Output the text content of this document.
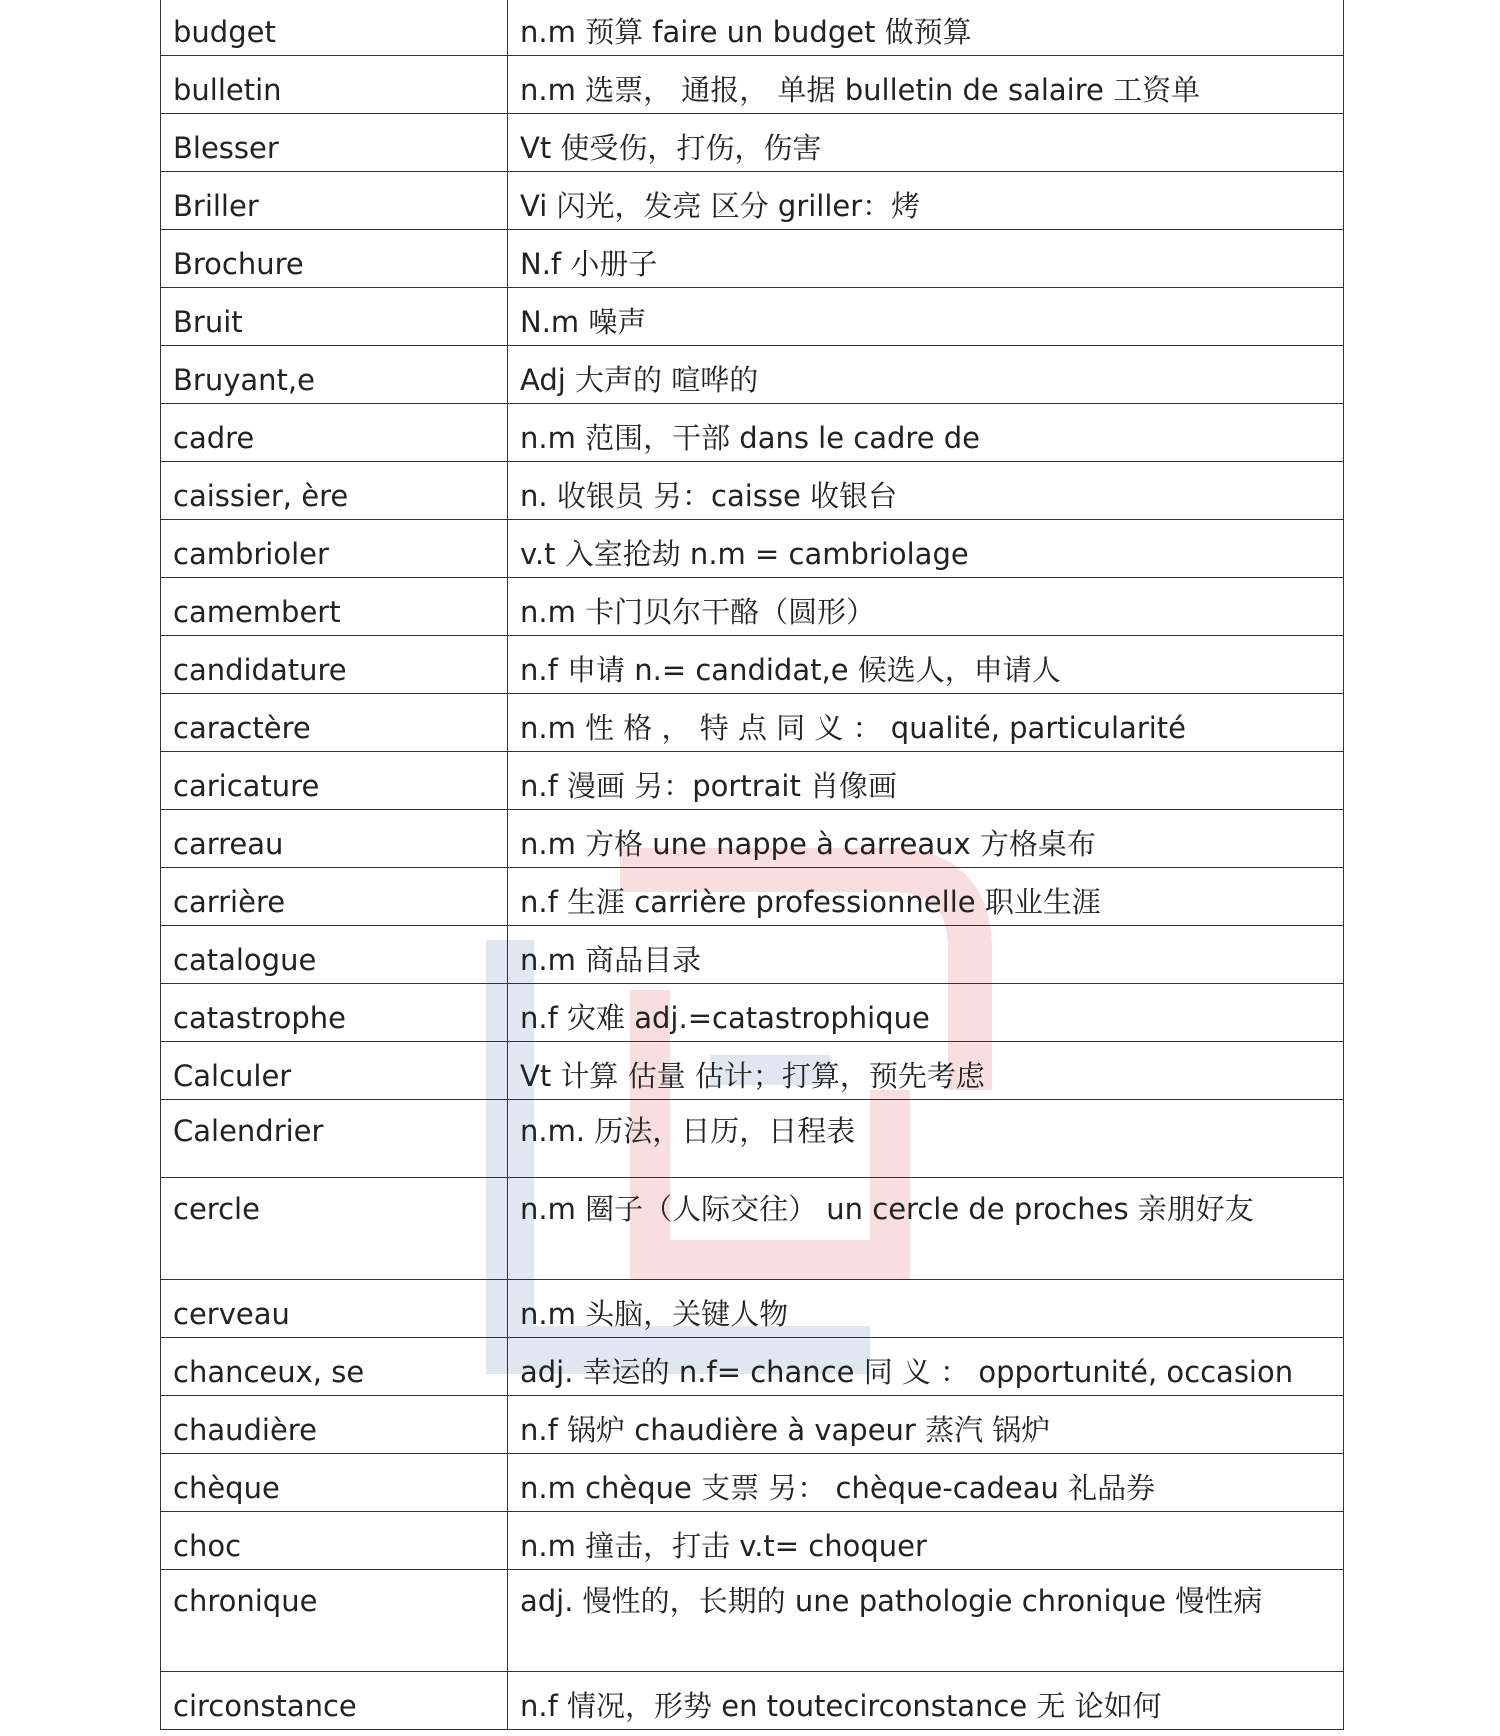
budget	n.m 预算 faire un budget 做预算
bulletin	n.m 选票， 通报， 单据 bulletin de salaire 工资单
Blesser	Vt 使受伤，打伤，伤害
Briller	Vi 闪光，发亮 区分 griller：烤
Brochure	N.f 小册子
Bruit	N.m 噪声
Bruyant,e	Adj 大声的 喧哗的
cadre	n.m 范围，干部 dans le cadre de
caissier, ère	n. 收银员 另：caisse 收银台
cambrioler	v.t 入室抢劫 n.m = cambriolage
camembert	n.m 卡门贝尔干酪（圆形）
candidature	n.f 申请 n.= candidat,e 候选人，申请人
caractère	n.m 性 格 ， 特 点 同 义 ： qualité, particularité
caricature	n.f 漫画 另：portrait 肖像画
carreau	n.m 方格 une nappe à carreaux 方格桌布
carrière	n.f 生涯 carrière professionnelle 职业生涯
catalogue	n.m 商品目录
catastrophe	n.f 灾难 adj.=catastrophique
Calculer	Vt 计算 估量 估计；打算，预先考虑
Calendrier	n.m. 历法，日历，日程表
cercle	n.m 圈子（人际交往） un cercle de proches 亲朋好友
cerveau	n.m 头脑，关键人物
chanceux, se	adj. 幸运的 n.f= chance 同 义 ： opportunité, occasion
chaudière	n.f 锅炉 chaudière à vapeur 蒸汽 锅炉
chèque	n.m chèque 支票 另： chèque-cadeau 礼品券
choc	n.m 撞击，打击 v.t= choquer
chronique	adj. 慢性的，长期的 une pathologie chronique 慢性病
circonstance	n.f 情况，形势 en toutecirconstance 无 论如何
